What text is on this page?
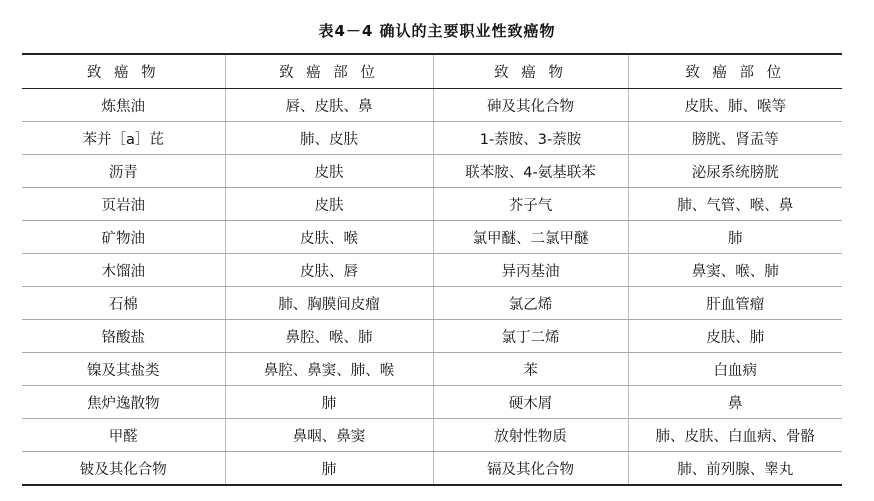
表4－4 确认的主要职业性致癌物
致 癌 物	致 癌 部 位	致 癌 物	致 癌 部 位
炼焦油	唇、皮肤、鼻	砷及其化合物	皮肤、肺、喉等
苯并［a］芘	肺、皮肤	1-萘胺、3-萘胺	膀胱、肾盂等
沥青	皮肤	联苯胺、4-氨基联苯	泌尿系统膀胱
页岩油	皮肤	芥子气	肺、气管、喉、鼻
矿物油	皮肤、喉	氯甲醚、二氯甲醚	肺
木馏油	皮肤、唇	异丙基油	鼻窦、喉、肺
石棉	肺、胸膜间皮瘤	氯乙烯	肝血管瘤
铬酸盐	鼻腔、喉、肺	氯丁二烯	皮肤、肺
镍及其盐类	鼻腔、鼻窦、肺、喉	苯	白血病
焦炉逸散物	肺	硬木屑	鼻
甲醛	鼻咽、鼻窦	放射性物质	肺、皮肤、白血病、骨骼
铍及其化合物	肺	镉及其化合物	肺、前列腺、睾丸
